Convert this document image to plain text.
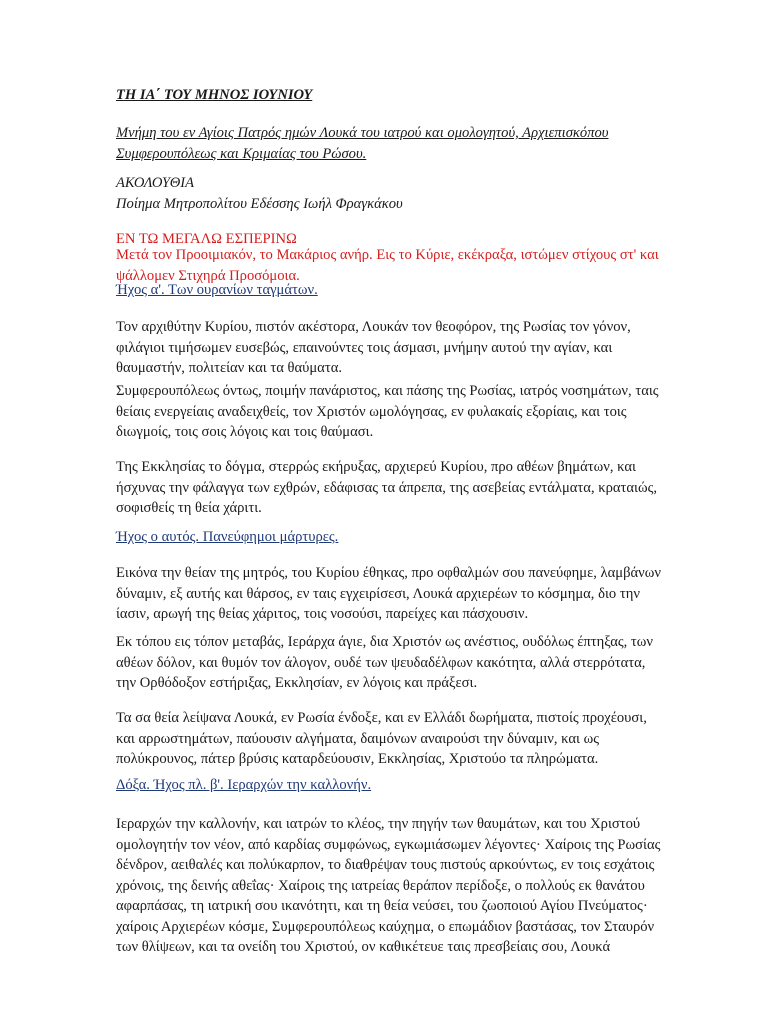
ΤΗ ΙΑ΄ ΤΟΥ ΜΗΝΟΣ ΙΟΥΝΙΟΥ

Μνήμη του εν Αγίοις Πατρός ημών Λουκά του ιατρού και ομολογητού, Αρχιεπισκόπου
Συμφερουπόλεως και Κριμαίας του Ρώσου.

ΑΚΟΛΟΥΘΙΑ
Ποίημα Μητροπολίτου Εδέσσης Ιωήλ Φραγκάκου

ΕΝ ΤΩ ΜΕΓΑΛΩ ΕΣΠΕΡΙΝΩ

Μετά τον Προοιμιακόν, το Μακάριος ανήρ. Εις το Κύριε, εκέκραξα, ιστώμεν στίχους στ' και
ψάλλομεν Στιχηρά Προσόμοια.

Ήχος α'. Των ουρανίων ταγμάτων.

Τον αρχιθύτην Κυρίου, πιστόν ακέστορα, Λουκάν τον θεοφόρον, της Ρωσίας τον γόνον,
φιλάγιοι τιμήσωμεν ευσεβώς, επαινούντες τοις άσμασι, μνήμην αυτού την αγίαν, και
θαυμαστήν, πολιτείαν και τα θαύματα.

Συμφερουπόλεως όντως, ποιμήν πανάριστος, και πάσης της Ρωσίας, ιατρός νοσημάτων, ταις
θείαις ενεργείαις αναδειχθείς, τον Χριστόν ωμολόγησας, εν φυλακαίς εξορίαις, και τοις
διωγμοίς, τοις σοις λόγοις και τοις θαύμασι.

Της Εκκλησίας το δόγμα, στερρώς εκήρυξας, αρχιερεύ Κυρίου, προ αθέων βημάτων, και
ήσχυνας την φάλαγγα των εχθρών, εδάφισας τα άπρεπα, της ασεβείας εντάλματα, κραταιώς,
σοφισθείς τη θεία χάριτι.

Ήχος ο αυτός. Πανεύφημοι μάρτυρες.

Εικόνα την θείαν της μητρός, του Κυρίου έθηκας, προ οφθαλμών σου πανεύφημε, λαμβάνων
δύναμιν, εξ αυτής και θάρσος, εν ταις εγχειρίσεσι, Λουκά αρχιερέων το κόσμημα, διο την
ίασιν, αρωγή της θείας χάριτος, τοις νοσούσι, παρείχες και πάσχουσιν.

Εκ τόπου εις τόπον μεταβάς, Ιεράρχα άγιε, δια Χριστόν ως ανέστιος, ουδόλως έπτηξας, των
αθέων δόλον, και θυμόν τον άλογον, ουδέ των ψευδαδέλφων κακότητα, αλλά στερρότατα,
την Ορθόδοξον εστήριξας, Εκκλησίαν, εν λόγοις και πράξεσι.

Τα σα θεία λείψανα Λουκά, εν Ρωσία ένδοξε, και εν Ελλάδι δωρήματα, πιστοίς προχέουσι,
και αρρωστημάτων, παύουσιν αλγήματα, δαιμόνων αναιρούσι την δύναμιν, και ως
πολύκρουνος, πάτερ βρύσις καταρδεύουσιν, Εκκλησίας, Χριστούο τα πληρώματα.

Δόξα. Ήχος πλ. β'. Ιεραρχών την καλλονήν.

Ιεραρχών την καλλονήν, και ιατρών το κλέος, την πηγήν των θαυμάτων, και του Χριστού
ομολογητήν τον νέον, από καρδίας συμφώνως, εγκωμιάσωμεν λέγοντες· Χαίροις της Ρωσίας
δένδρον, αειθαλές και πολύκαρπον, το διαθρέψαν τους πιστούς αρκούντως, εν τοις εσχάτοις
χρόνοις, της δεινής αθεΐας· Χαίροις της ιατρείας θεράπον περίδοξε, ο πολλούς εκ θανάτου
αφαρπάσας, τη ιατρική σου ικανότητι, και τη θεία νεύσει, του ζωοποιού Αγίου Πνεύματος·
χαίροις Αρχιερέων κόσμε, Συμφερουπόλεως καύχημα, ο επωμάδιον βαστάσας, τον Σταυρόν
των θλίψεων, και τα ονείδη του Χριστού, ον καθικέτευε ταις πρεσβείαις σου, Λουκά
